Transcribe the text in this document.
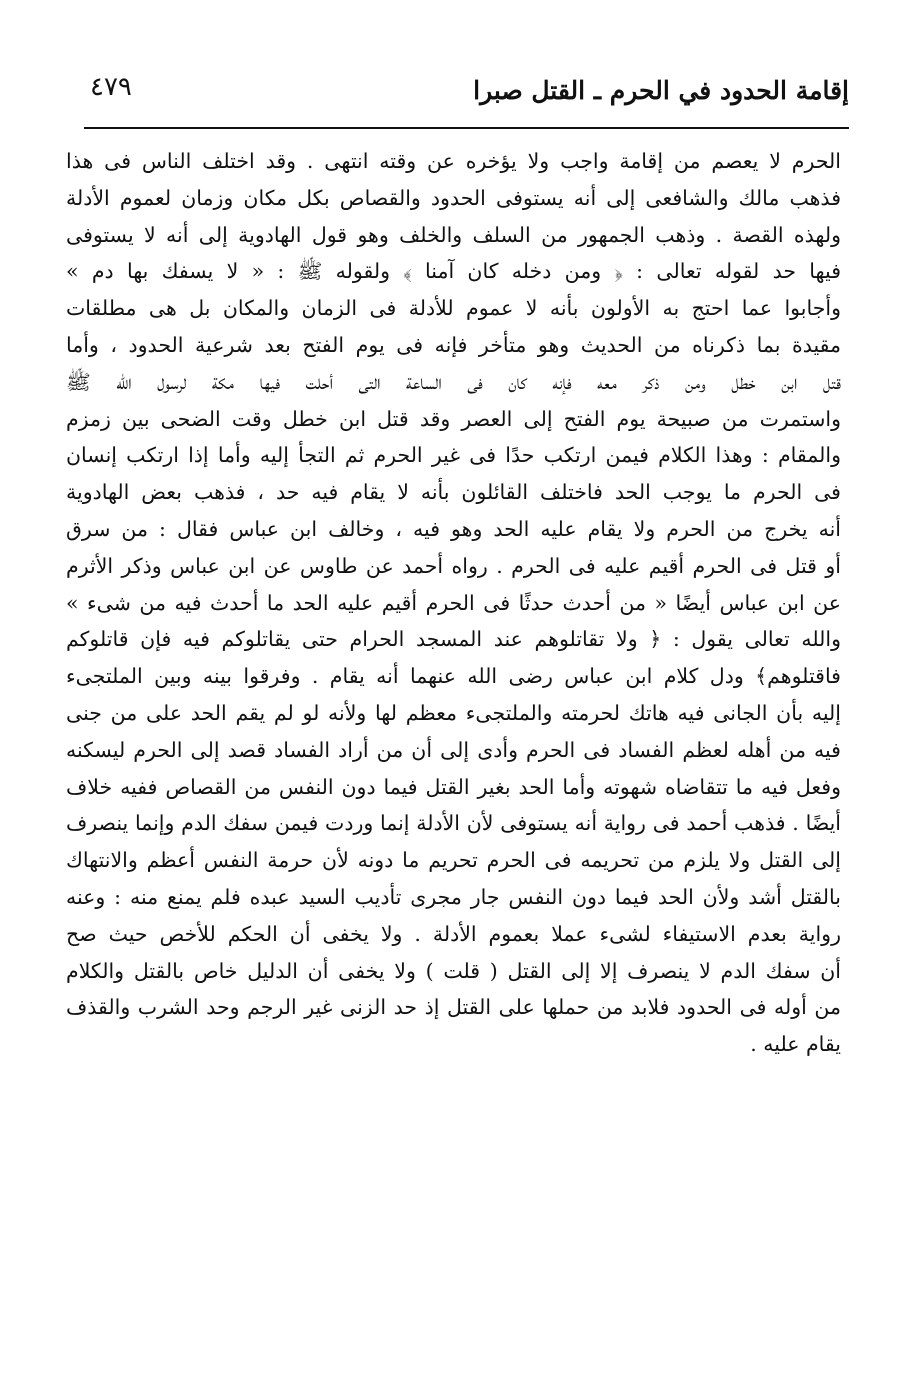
إقامة الحدود في الحرم ـ القتل صبرا
٤٧٩
الحرم لا يعصم من إقامة واجب ولا يؤخره عن وقته انتهى . وقد اختلف الناس فى هذا
فذهب مالك والشافعى إلى أنه يستوفى الحدود والقصاص بكل مكان وزمان لعموم الأدلة
ولهذه القصة . وذهب الجمهور من السلف والخلف وهو قول الهادوية إلى أنه لا يستوفى
فيها حد لقوله تعالى : ﴿ ومن دخله كان آمنا ﴾ ولقوله ﷺ : « لا يسفك بها دم »
وأجابوا عما احتج به الأولون بأنه لا عموم للأدلة فى الزمان والمكان بل هى مطلقات
مقيدة بما ذكرناه من الحديث وهو متأخر فإنه فى يوم الفتح بعد شرعية الحدود ، وأما
قتل ابن خطل ومن ذكر معه فإنه كان فى الساعة التى أحلت فيها مكة لرسول الله ﷺ
واستمرت من صبيحة يوم الفتح إلى العصر وقد قتل ابن خطل وقت الضحى بين زمزم
والمقام : وهذا الكلام فيمن ارتكب حدًا فى غير الحرم ثم التجأ إليه وأما إذا ارتكب إنسان
فى الحرم ما يوجب الحد فاختلف القائلون بأنه لا يقام فيه حد ، فذهب بعض الهادوية
أنه يخرج من الحرم ولا يقام عليه الحد وهو فيه ، وخالف ابن عباس فقال : من سرق
أو قتل فى الحرم أقيم عليه فى الحرم . رواه أحمد عن طاوس عن ابن عباس وذكر الأثرم
عن ابن عباس أيضًا « من أحدث حدثًا فى الحرم أقيم عليه الحد ما أحدث فيه من شىء »
والله تعالى يقول : ﴿ ولا تقاتلوهم عند المسجد الحرام حتى يقاتلوكم فيه فإن قاتلوكم
فاقتلوهم﴾ ودل كلام ابن عباس رضى الله عنهما أنه يقام . وفرقوا بينه وبين الملتجىء
إليه بأن الجانى فيه هاتك لحرمته والملتجىء معظم لها ولأنه لو لم يقم الحد على من جنى
فيه من أهله لعظم الفساد فى الحرم وأدى إلى أن من أراد الفساد قصد إلى الحرم ليسكنه
وفعل فيه ما تتقاضاه شهوته وأما الحد بغير القتل فيما دون النفس من القصاص ففيه خلاف
أيضًا . فذهب أحمد فى رواية أنه يستوفى لأن الأدلة إنما وردت فيمن سفك الدم وإنما ينصرف
إلى القتل ولا يلزم من تحريمه فى الحرم تحريم ما دونه لأن حرمة النفس أعظم والانتهاك
بالقتل أشد ولأن الحد فيما دون النفس جار مجرى تأديب السيد عبده فلم يمنع منه : وعنه
رواية بعدم الاستيفاء لشىء عملا بعموم الأدلة . ولا يخفى أن الحكم للأخص حيث صح
أن سفك الدم لا ينصرف إلا إلى القتل ( قلت ) ولا يخفى أن الدليل خاص بالقتل والكلام
من أوله فى الحدود فلابد من حملها على القتل إذ حد الزنى غير الرجم وحد الشرب والقذف
يقام عليه .
